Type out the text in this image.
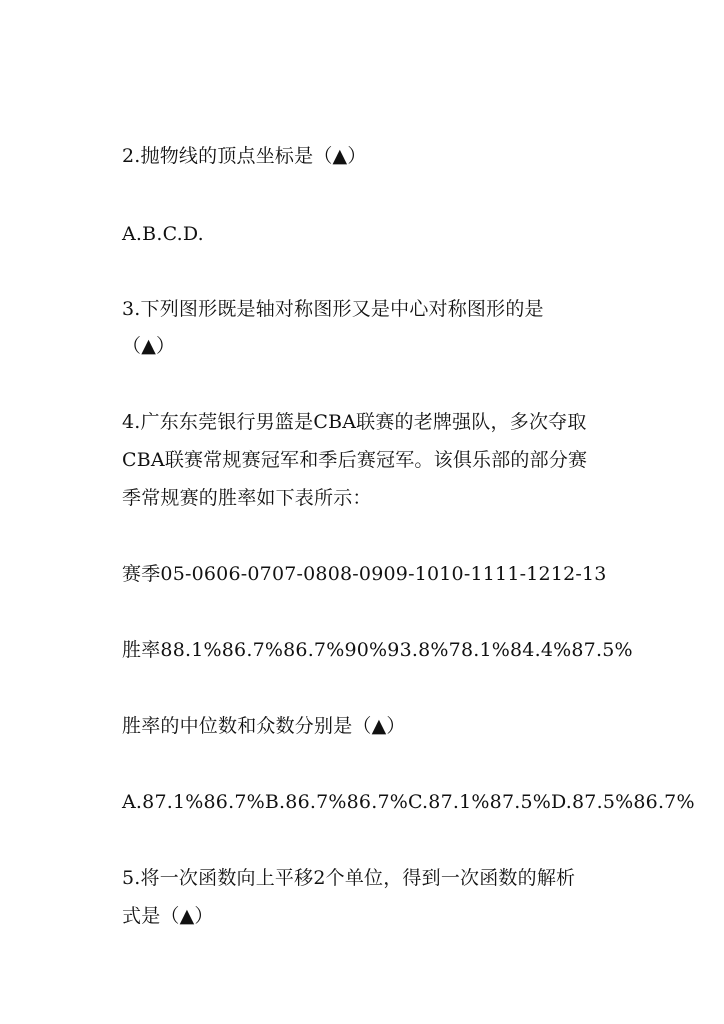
2.抛物线的顶点坐标是（▲）
A.B.C.D.
3.下列图形既是轴对称图形又是中心对称图形的是
（▲）
4.广东东莞银行男篮是CBA联赛的老牌强队，多次夺取
CBA联赛常规赛冠军和季后赛冠军。该俱乐部的部分赛
季常规赛的胜率如下表所示：
赛季05-0606-0707-0808-0909-1010-1111-1212-13
胜率88.1%86.7%86.7%90%93.8%78.1%84.4%87.5%
胜率的中位数和众数分别是（▲）
A.87.1%86.7%B.86.7%86.7%C.87.1%87.5%D.87.5%86.7%
5.将一次函数向上平移2个单位，得到一次函数的解析
式是（▲）
